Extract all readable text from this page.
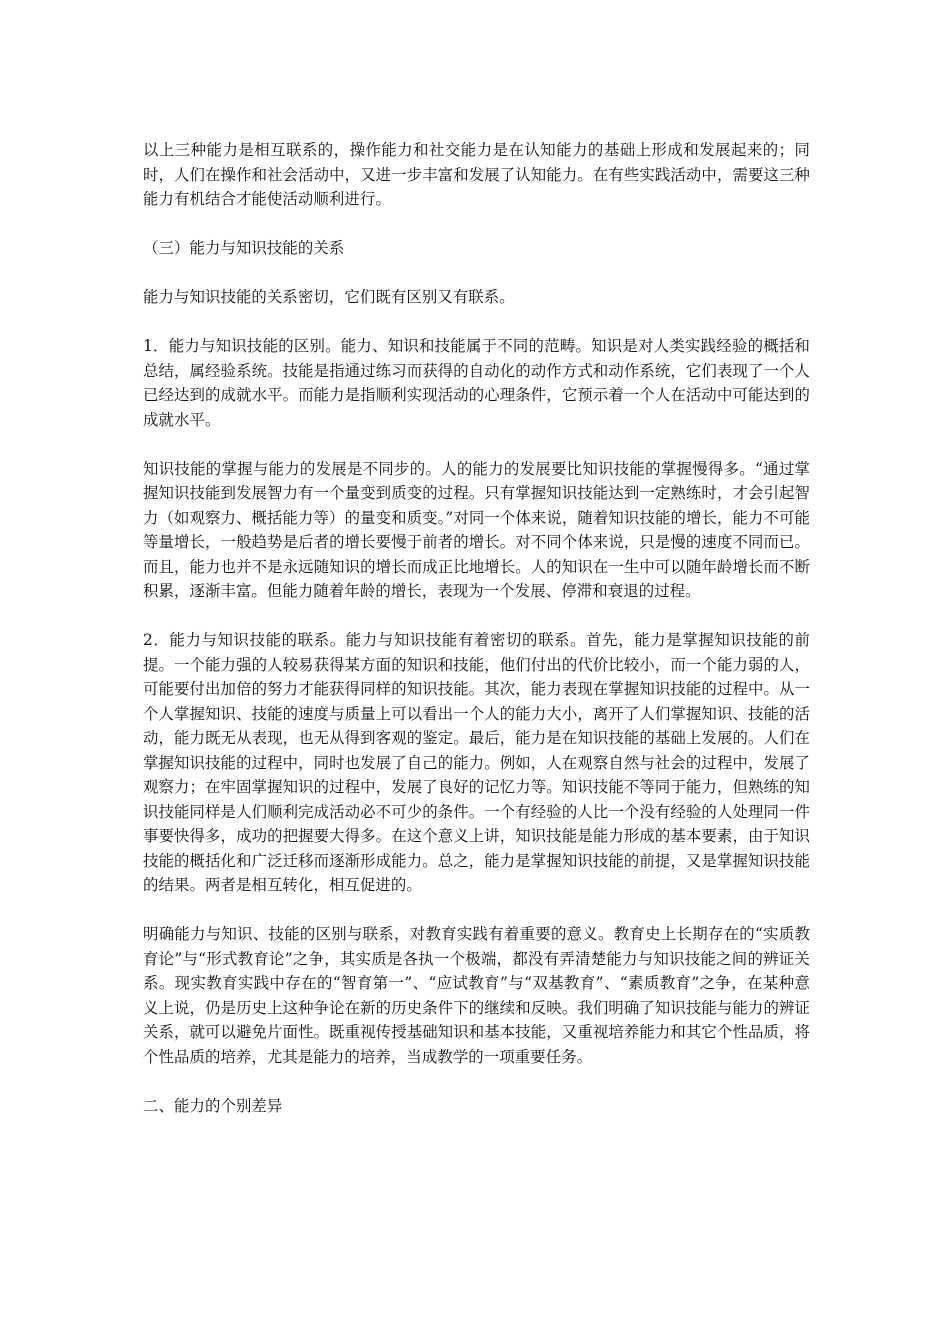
以上三种能力是相互联系的，操作能力和社交能力是在认知能力的基础上形成和发展起来的；同时，人们在操作和社会活动中，又进一步丰富和发展了认知能力。在有些实践活动中，需要这三种能力有机结合才能使活动顺利进行。

（三）能力与知识技能的关系

能力与知识技能的关系密切，它们既有区别又有联系。

1．能力与知识技能的区别。能力、知识和技能属于不同的范畴。知识是对人类实践经验的概括和总结，属经验系统。技能是指通过练习而获得的自动化的动作方式和动作系统，它们表现了一个人已经达到的成就水平。而能力是指顺利实现活动的心理条件，它预示着一个人在活动中可能达到的成就水平。

知识技能的掌握与能力的发展是不同步的。人的能力的发展要比知识技能的掌握慢得多。“通过掌握知识技能到发展智力有一个量变到质变的过程。只有掌握知识技能达到一定熟练时，才会引起智力（如观察力、概括能力等）的量变和质变。”对同一个体来说，随着知识技能的增长，能力不可能等量增长，一般趋势是后者的增长要慢于前者的增长。对不同个体来说，只是慢的速度不同而已。而且，能力也并不是永远随知识的增长而成正比地增长。人的知识在一生中可以随年龄增长而不断积累，逐渐丰富。但能力随着年龄的增长，表现为一个发展、停滞和衰退的过程。

2．能力与知识技能的联系。能力与知识技能有着密切的联系。首先，能力是掌握知识技能的前提。一个能力强的人较易获得某方面的知识和技能，他们付出的代价比较小，而一个能力弱的人，可能要付出加倍的努力才能获得同样的知识技能。其次，能力表现在掌握知识技能的过程中。从一个人掌握知识、技能的速度与质量上可以看出一个人的能力大小，离开了人们掌握知识、技能的活动，能力既无从表现，也无从得到客观的鉴定。最后，能力是在知识技能的基础上发展的。人们在掌握知识技能的过程中，同时也发展了自己的能力。例如，人在观察自然与社会的过程中，发展了观察力；在牢固掌握知识的过程中，发展了良好的记忆力等。知识技能不等同于能力，但熟练的知识技能同样是人们顺利完成活动必不可少的条件。一个有经验的人比一个没有经验的人处理同一件事要快得多，成功的把握要大得多。在这个意义上讲，知识技能是能力形成的基本要素，由于知识技能的概括化和广泛迁移而逐渐形成能力。总之，能力是掌握知识技能的前提，又是掌握知识技能的结果。两者是相互转化，相互促进的。

明确能力与知识、技能的区别与联系，对教育实践有着重要的意义。教育史上长期存在的“实质教育论”与“形式教育论”之争，其实质是各执一个极端，都没有弄清楚能力与知识技能之间的辨证关系。现实教育实践中存在的“智育第一”、“应试教育”与“双基教育”、“素质教育”之争，在某种意义上说，仍是历史上这种争论在新的历史条件下的继续和反映。我们明确了知识技能与能力的辨证关系，就可以避免片面性。既重视传授基础知识和基本技能，又重视培养能力和其它个性品质，将个性品质的培养，尤其是能力的培养，当成教学的一项重要任务。

二、能力的个别差异
